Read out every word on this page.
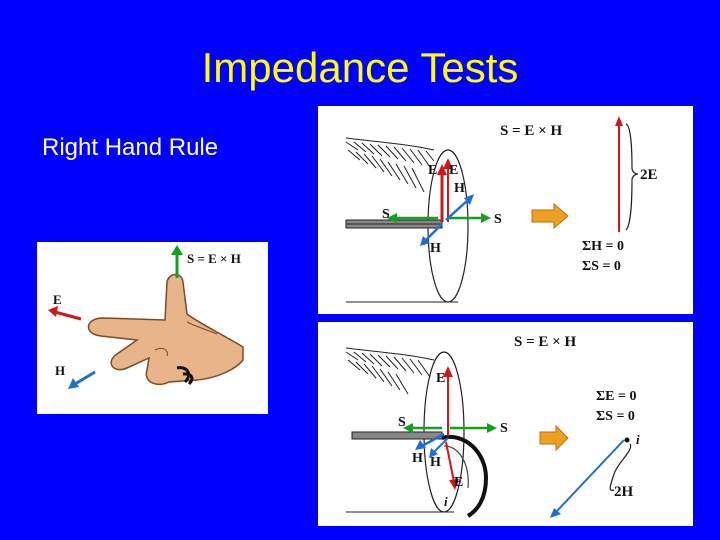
Impedance Tests
Right Hand Rule
S = E × H
E
H
S = E × H
E E
H
H
S	S
2E
ΣH = 0
ΣS = 0
S = E × H
E
E
H H
S	S
ΣE = 0
ΣS = 0
i
i
2H
